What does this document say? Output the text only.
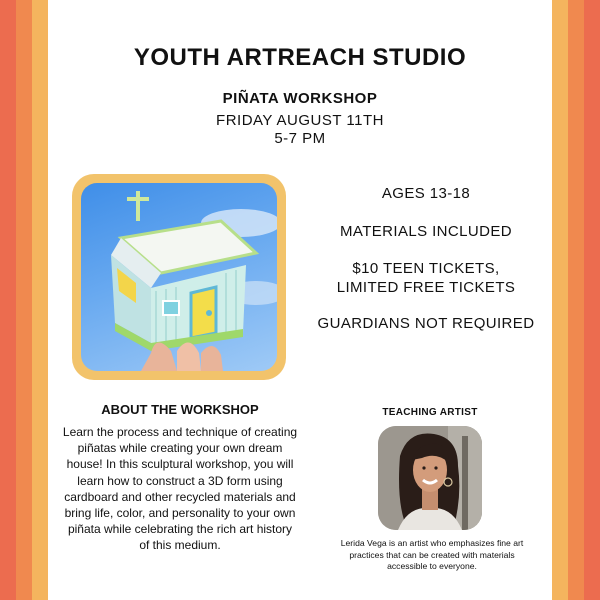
YOUTH ARTREACH STUDIO
PIÑATA WORKSHOP
FRIDAY AUGUST 11TH
5-7 PM
AGES 13-18
MATERIALS INCLUDED
$10 TEEN TICKETS,
LIMITED FREE TICKETS
GUARDIANS NOT REQUIRED
ABOUT THE WORKSHOP
Learn the process and technique of creating piñatas while creating your own dream house! In this sculptural workshop, you will learn how to construct a 3D form using cardboard and other recycled materials and bring life, color, and personality to your own piñata while celebrating the rich art history of this medium.
TEACHING ARTIST
Lerida Vega is an artist who emphasizes fine art practices that can be created with materials accessible to everyone.
